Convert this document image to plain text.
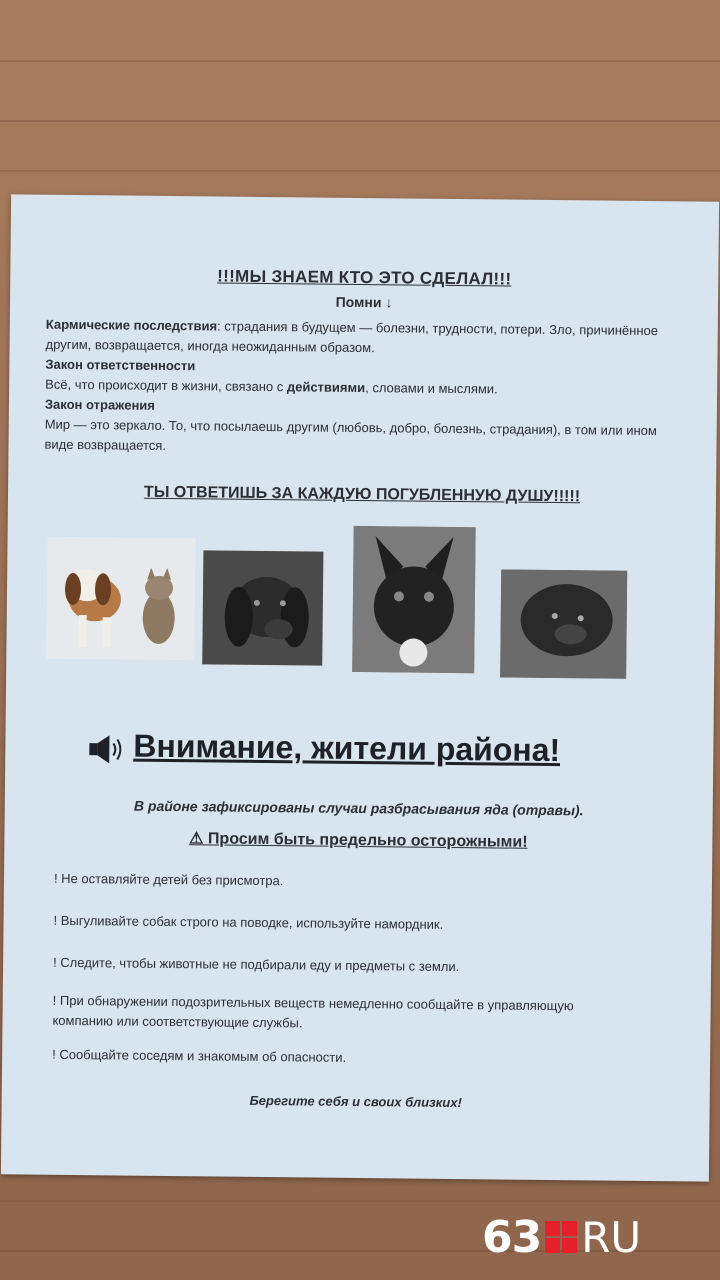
!!!МЫ ЗНАЕМ КТО ЭТО СДЕЛАЛ!!!
Помни ↓
Кармические последствия: страдания в будущем — болезни, трудности, потери. Зло, причинённое другим, возвращается, иногда неожиданным образом.
Закон ответственности
Всё, что происходит в жизни, связано с действиями, словами и мыслями.
Закон отражения
Мир — это зеркало. То, что посылаешь другим (любовь, добро, болезнь, страдания), в том или ином виде возвращается.
ТЫ ОТВЕТИШЬ ЗА КАЖДУЮ ПОГУБЛЕННУЮ ДУШУ!!!!!
Внимание, жители района!
В районе зафиксированы случаи разбрасывания яда (отравы).
⚠ Просим быть предельно осторожными!
! Не оставляйте детей без присмотра.
! Выгуливайте собак строго на поводке, используйте намордник.
! Следите, чтобы животные не подбирали еду и предметы с земли.
! При обнаружении подозрительных веществ немедленно сообщайте в управляющую компанию или соответствующие службы.
! Сообщайте соседям и знакомым об опасности.
Берегите себя и своих близких!
63 RU
